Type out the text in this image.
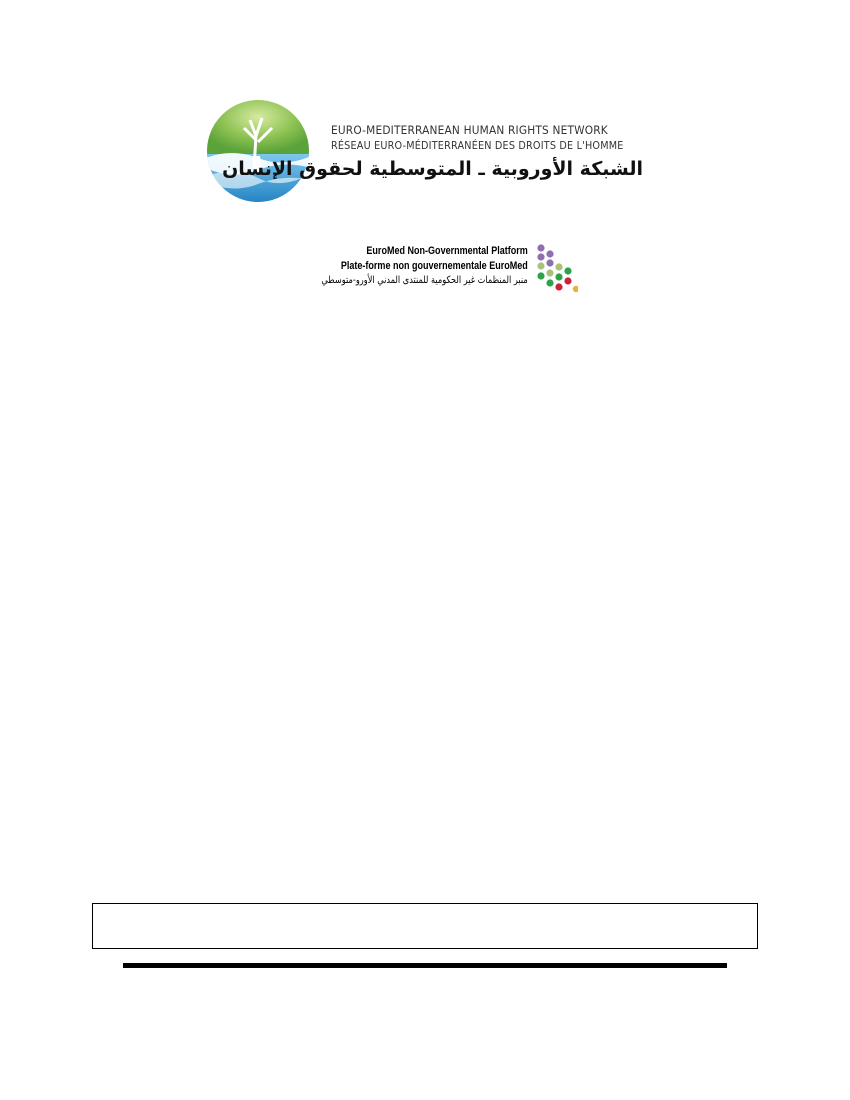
EURO-MEDITERRANEAN HUMAN RIGHTS NETWORK
RÉSEAU EURO-MÉDITERRANÉEN DES DROITS DE L'HOMME
الشبكة الأوروبية ـ المتوسطية لحقوق الإنسان
EuroMed Non-Governmental Platform
Plate-forme non gouvernementale EuroMed
منبر المنظمات غير الحكومية للمنتدى المدني الأورو-متوسطي
